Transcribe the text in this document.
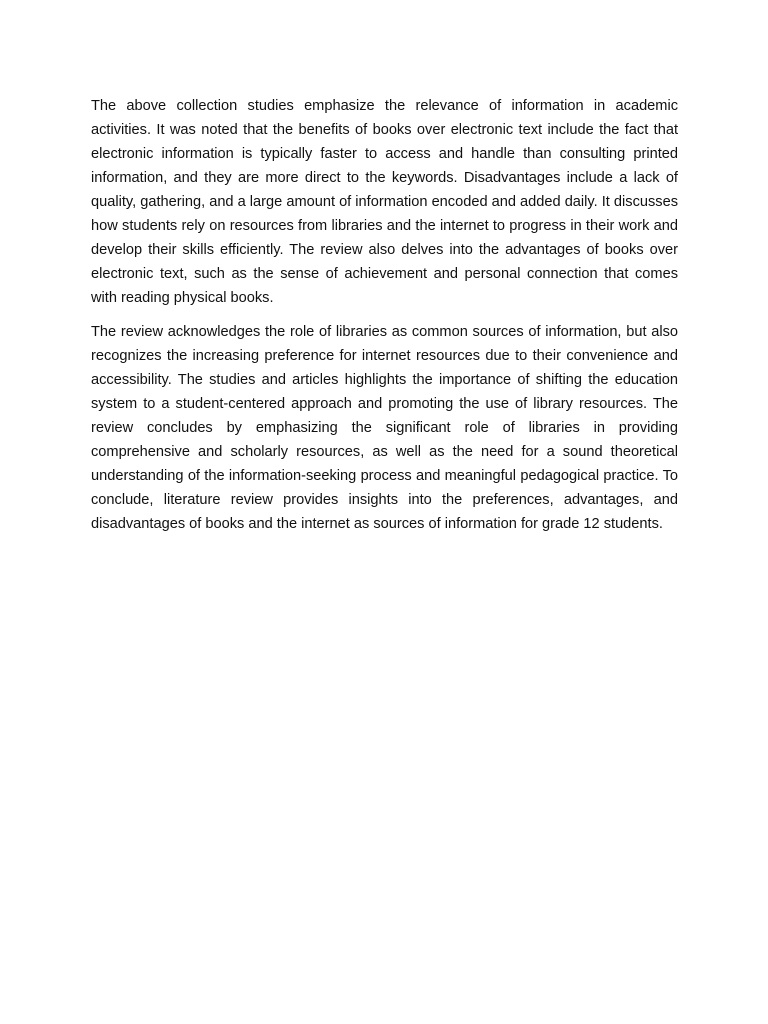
The above collection studies emphasize the relevance of information in academic activities. It was noted that the benefits of books over electronic text include the fact that electronic information is typically faster to access and handle than consulting printed information, and they are more direct to the keywords. Disadvantages include a lack of quality, gathering, and a large amount of information encoded and added daily. It discusses how students rely on resources from libraries and the internet to progress in their work and develop their skills efficiently. The review also delves into the advantages of books over electronic text, such as the sense of achievement and personal connection that comes with reading physical books.

The review acknowledges the role of libraries as common sources of information, but also recognizes the increasing preference for internet resources due to their convenience and accessibility. The studies and articles highlights the importance of shifting the education system to a student-centered approach and promoting the use of library resources. The review concludes by emphasizing the significant role of libraries in providing comprehensive and scholarly resources, as well as the need for a sound theoretical understanding of the information-seeking process and meaningful pedagogical practice. To conclude, literature review provides insights into the preferences, advantages, and disadvantages of books and the internet as sources of information for grade 12 students.
